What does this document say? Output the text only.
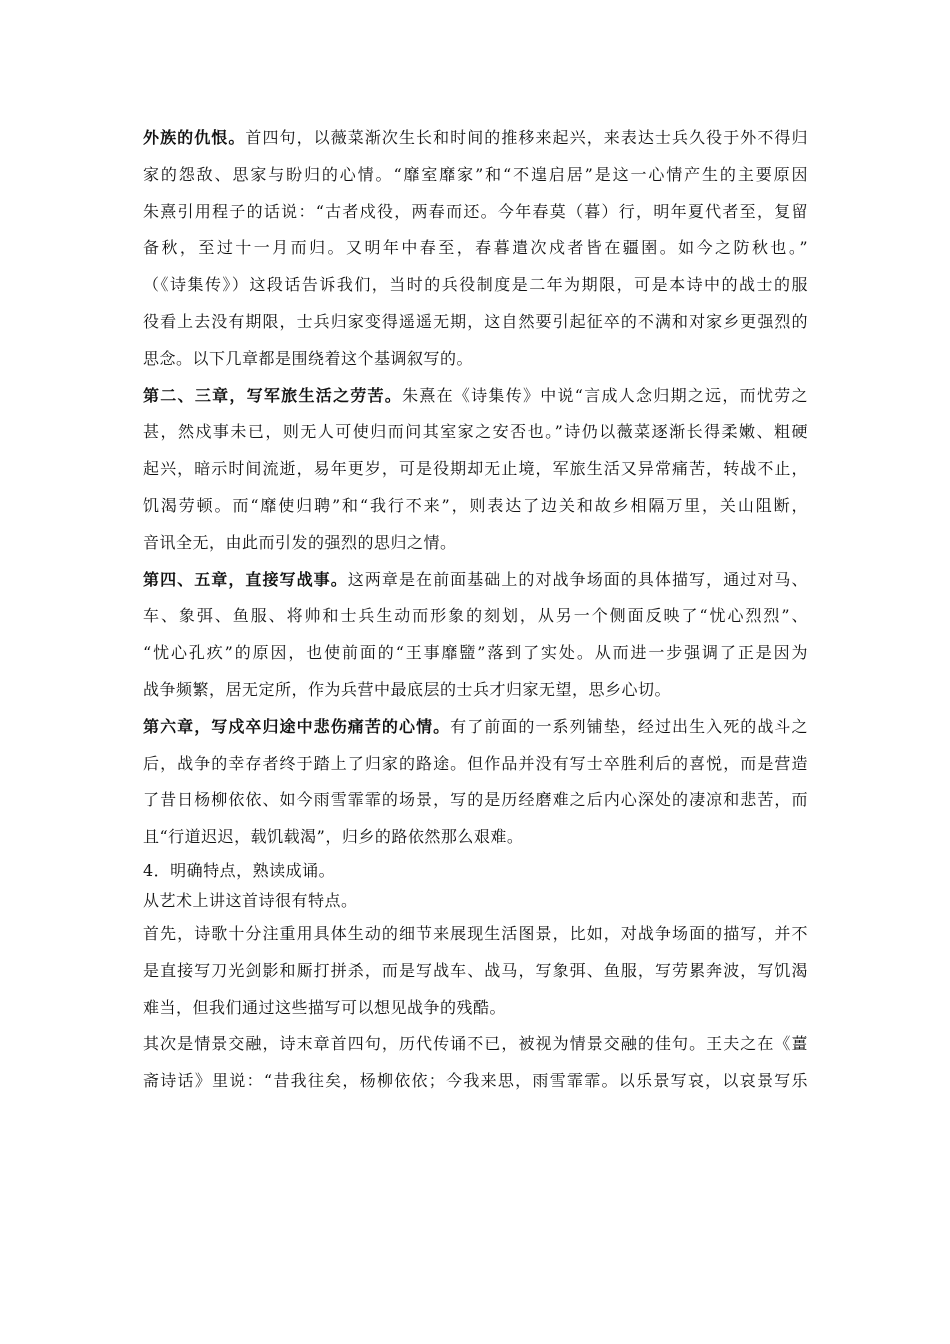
外族的仇恨。首四句，以薇菜渐次生长和时间的推移来起兴，来表达士兵久役于外不得归
家的怨敌、思家与盼归的心情。“靡室靡家”和“不遑启居”是这一心情产生的主要原因
朱熹引用程子的话说：“古者戍役，两春而还。今年春莫（暮）行，明年夏代者至，复留
备秋，至过十一月而归。又明年中春至，春暮遣次戍者皆在疆圉。如今之防秋也。”
（《诗集传》）这段话告诉我们，当时的兵役制度是二年为期限，可是本诗中的战士的服
役看上去没有期限，士兵归家变得遥遥无期，这自然要引起征卒的不满和对家乡更强烈的
思念。以下几章都是围绕着这个基调叙写的。
第二、三章，写军旅生活之劳苦。朱熹在《诗集传》中说“言成人念归期之远，而忧劳之
甚，然戍事未已，则无人可使归而问其室家之安否也。”诗仍以薇菜逐渐长得柔嫩、粗硬
起兴，暗示时间流逝，易年更岁，可是役期却无止境，军旅生活又异常痛苦，转战不止，
饥渴劳顿。而“靡使归聘”和“我行不来”，则表达了边关和故乡相隔万里，关山阻断，
音讯全无，由此而引发的强烈的思归之情。
第四、五章，直接写战事。这两章是在前面基础上的对战争场面的具体描写，通过对马、
车、象弭、鱼服、将帅和士兵生动而形象的刻划，从另一个侧面反映了“忧心烈烈”、
“忧心孔疚”的原因，也使前面的“王事靡盬”落到了实处。从而进一步强调了正是因为
战争频繁，居无定所，作为兵营中最底层的士兵才归家无望，思乡心切。
第六章，写戍卒归途中悲伤痛苦的心情。有了前面的一系列铺垫，经过出生入死的战斗之
后，战争的幸存者终于踏上了归家的路途。但作品并没有写士卒胜利后的喜悦，而是营造
了昔日杨柳依依、如今雨雪霏霏的场景，写的是历经磨难之后内心深处的凄凉和悲苦，而
且“行道迟迟，载饥载渴”，归乡的路依然那么艰难。
4．明确特点，熟读成诵。
从艺术上讲这首诗很有特点。
首先，诗歌十分注重用具体生动的细节来展现生活图景，比如，对战争场面的描写，并不
是直接写刀光剑影和厮打拼杀，而是写战车、战马，写象弭、鱼服，写劳累奔波，写饥渴
难当，但我们通过这些描写可以想见战争的残酷。
其次是情景交融，诗末章首四句，历代传诵不已，被视为情景交融的佳句。王夫之在《薑
斋诗话》里说：“昔我往矣，杨柳依依；今我来思，雨雪霏霏。以乐景写哀，以哀景写乐
